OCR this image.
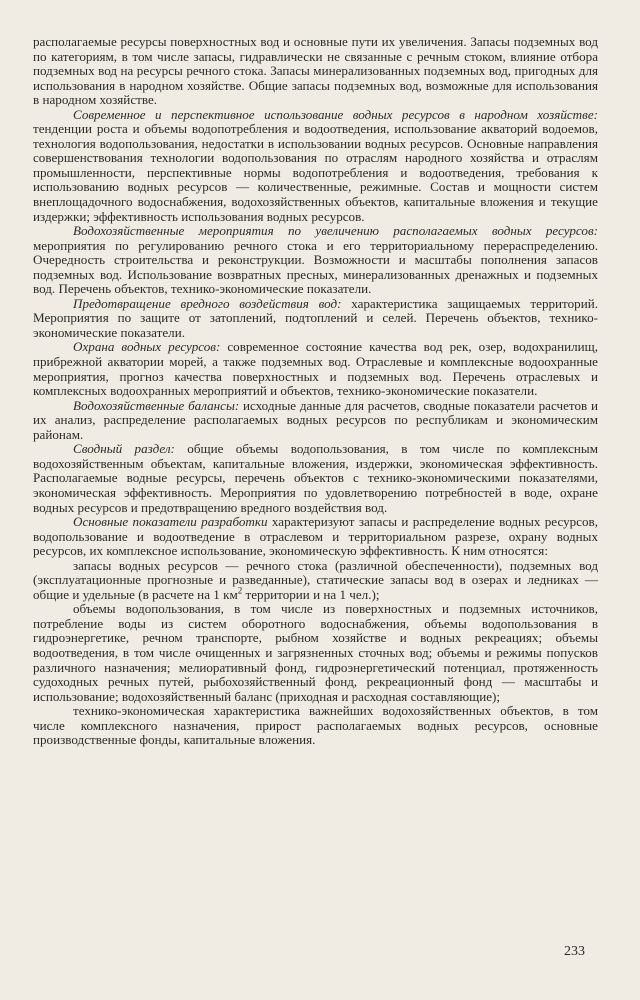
располагаемые ресурсы поверхностных вод и основные пути их увеличения. Запасы подземных вод по категориям, в том числе запасы, гидравлически не связанные с речным стоком, влияние отбора подземных вод на ресурсы речного стока. Запасы минерализованных подземных вод, пригодных для использования в народном хозяйстве. Общие запасы подземных вод, возможные для использования в народном хозяйстве.

Современное и перспективное использование водных ресурсов в народном хозяйстве: тенденции роста и объемы водопотребления и водоотведения, использование акваторий водоемов, технология водопользования, недостатки в использовании водных ресурсов. Основные направления совершенствования технологии водопользования по отраслям народного хозяйства и отраслям промышленности, перспективные нормы водопотребления и водоотведения, требования к использованию водных ресурсов — количественные, режимные. Состав и мощности систем внеплощадочного водоснабжения, водохозяйственных объектов, капитальные вложения и текущие издержки; эффективность использования водных ресурсов.

Водохозяйственные мероприятия по увеличению располагаемых водных ресурсов: мероприятия по регулированию речного стока и его территориальному перераспределению. Очередность строительства и реконструкции. Возможности и масштабы пополнения запасов подземных вод. Использование возвратных пресных, минерализованных дренажных и подземных вод. Перечень объектов, технико-экономические показатели.

Предотвращение вредного воздействия вод: характеристика защищаемых территорий. Мероприятия по защите от затоплений, подтоплений и селей. Перечень объектов, технико-экономические показатели.

Охрана водных ресурсов: современное состояние качества вод рек, озер, водохранилищ, прибрежной акватории морей, а также подземных вод. Отраслевые и комплексные водоохранные мероприятия, прогноз качества поверхностных и подземных вод. Перечень отраслевых и комплексных водоохранных мероприятий и объектов, технико-экономические показатели.

Водохозяйственные балансы: исходные данные для расчетов, сводные показатели расчетов и их анализ, распределение располагаемых водных ресурсов по республикам и экономическим районам.

Сводный раздел: общие объемы водопользования, в том числе по комплексным водохозяйственным объектам, капитальные вложения, издержки, экономическая эффективность. Располагаемые водные ресурсы, перечень объектов с технико-экономическими показателями, экономическая эффективность. Мероприятия по удовлетворению потребностей в воде, охране водных ресурсов и предотвращению вредного воздействия вод.

Основные показатели разработки характеризуют запасы и распределение водных ресурсов, водопользование и водоотведение в отраслевом и территориальном разрезе, охрану водных ресурсов, их комплексное использование, экономическую эффективность. К ним относятся:

запасы водных ресурсов — речного стока (различной обеспеченности), подземных вод (эксплуатационные прогнозные и разведанные), статические запасы вод в озерах и ледниках — общие и удельные (в расчете на 1 $км^2$ территории и на 1 чел.);

объемы водопользования, в том числе из поверхностных и подземных источников, потребление воды из систем оборотного водоснабжения, объемы водопользования в гидроэнергетике, речном транспорте, рыбном хозяйстве и водных рекреациях; объемы водоотведения, в том числе очищенных и загрязненных сточных вод; объемы и режимы попусков различного назначения; мелиоративный фонд, гидроэнергетический потенциал, протяженность судоходных речных путей, рыбохозяйственный фонд, рекреационный фонд — масштабы и использование; водохозяйственный баланс (приходная и расходная составляющие);

технико-экономическая характеристика важнейших водохозяйственных объектов, в том числе комплексного назначения, прирост располагаемых водных ресурсов, основные производственные фонды, капитальные вложения.

233
